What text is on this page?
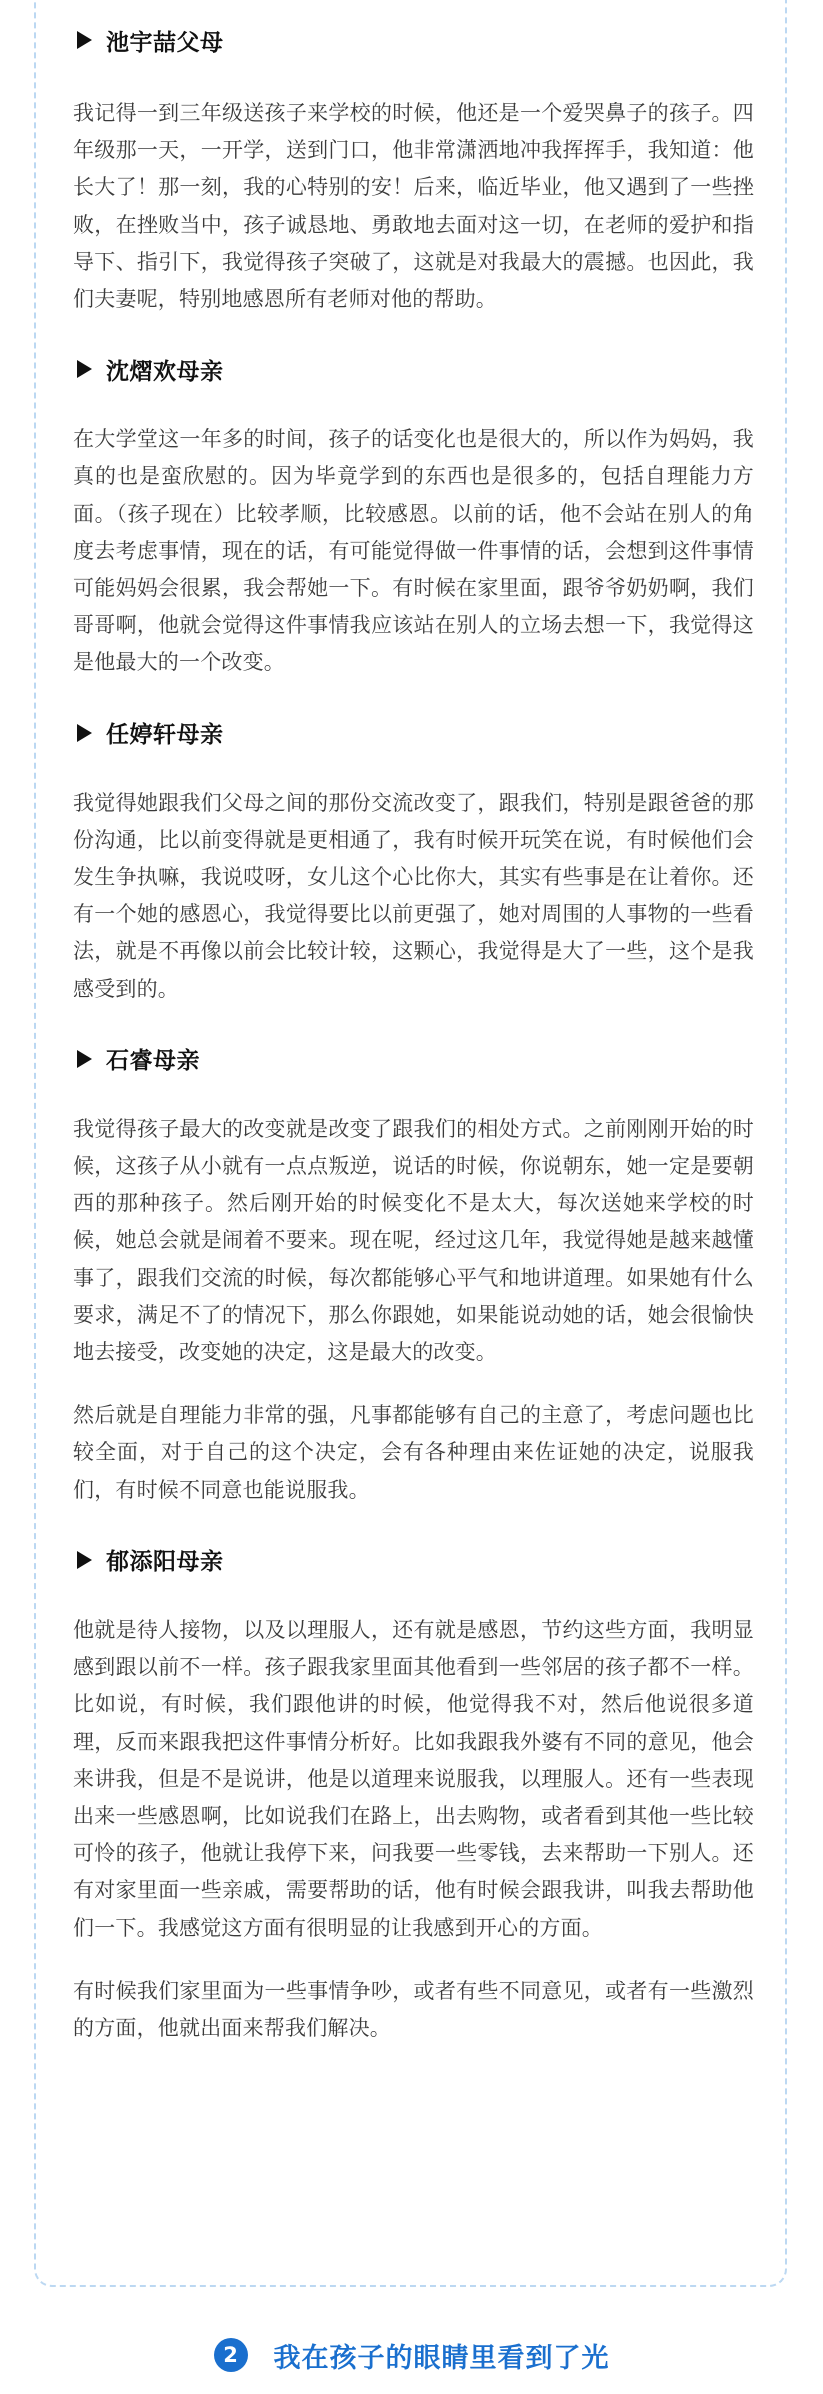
池宇喆父母

我记得一到三年级送孩子来学校的时候，他还是一个爱哭鼻子的孩子。四年级那一天，一开学，送到门口，他非常潇洒地冲我挥挥手，我知道：他长大了！那一刻，我的心特别的安！后来，临近毕业，他又遇到了一些挫败，在挫败当中，孩子诚恳地、勇敢地去面对这一切，在老师的爱护和指导下、指引下，我觉得孩子突破了，这就是对我最大的震撼。也因此，我们夫妻呢，特别地感恩所有老师对他的帮助。

沈熠欢母亲

在大学堂这一年多的时间，孩子的话变化也是很大的，所以作为妈妈，我真的也是蛮欣慰的。因为毕竟学到的东西也是很多的，包括自理能力方面。（孩子现在）比较孝顺，比较感恩。以前的话，他不会站在别人的角度去考虑事情，现在的话，有可能觉得做一件事情的话，会想到这件事情可能妈妈会很累，我会帮她一下。有时候在家里面，跟爷爷奶奶啊，我们哥哥啊，他就会觉得这件事情我应该站在别人的立场去想一下，我觉得这是他最大的一个改变。

任婷轩母亲

我觉得她跟我们父母之间的那份交流改变了，跟我们，特别是跟爸爸的那份沟通，比以前变得就是更相通了，我有时候开玩笑在说，有时候他们会发生争执嘛，我说哎呀，女儿这个心比你大，其实有些事是在让着你。还有一个她的感恩心，我觉得要比以前更强了，她对周围的人事物的一些看法，就是不再像以前会比较计较，这颗心，我觉得是大了一些，这个是我感受到的。

石睿母亲

我觉得孩子最大的改变就是改变了跟我们的相处方式。之前刚刚开始的时候，这孩子从小就有一点点叛逆，说话的时候，你说朝东，她一定是要朝西的那种孩子。然后刚开始的时候变化不是太大，每次送她来学校的时候，她总会就是闹着不要来。现在呢，经过这几年，我觉得她是越来越懂事了，跟我们交流的时候，每次都能够心平气和地讲道理。如果她有什么要求，满足不了的情况下，那么你跟她，如果能说动她的话，她会很愉快地去接受，改变她的决定，这是最大的改变。

然后就是自理能力非常的强，凡事都能够有自己的主意了，考虑问题也比较全面，对于自己的这个决定，会有各种理由来佐证她的决定，说服我们，有时候不同意也能说服我。

郁添阳母亲

他就是待人接物，以及以理服人，还有就是感恩，节约这些方面，我明显感到跟以前不一样。孩子跟我家里面其他看到一些邻居的孩子都不一样。比如说，有时候，我们跟他讲的时候，他觉得我不对，然后他说很多道理，反而来跟我把这件事情分析好。比如我跟我外婆有不同的意见，他会来讲我，但是不是说讲，他是以道理来说服我，以理服人。还有一些表现出来一些感恩啊，比如说我们在路上，出去购物，或者看到其他一些比较可怜的孩子，他就让我停下来，问我要一些零钱，去来帮助一下别人。还有对家里面一些亲戚，需要帮助的话，他有时候会跟我讲，叫我去帮助他们一下。我感觉这方面有很明显的让我感到开心的方面。

有时候我们家里面为一些事情争吵，或者有些不同意见，或者有一些激烈的方面，他就出面来帮我们解决。

2	我在孩子的眼睛里看到了光
